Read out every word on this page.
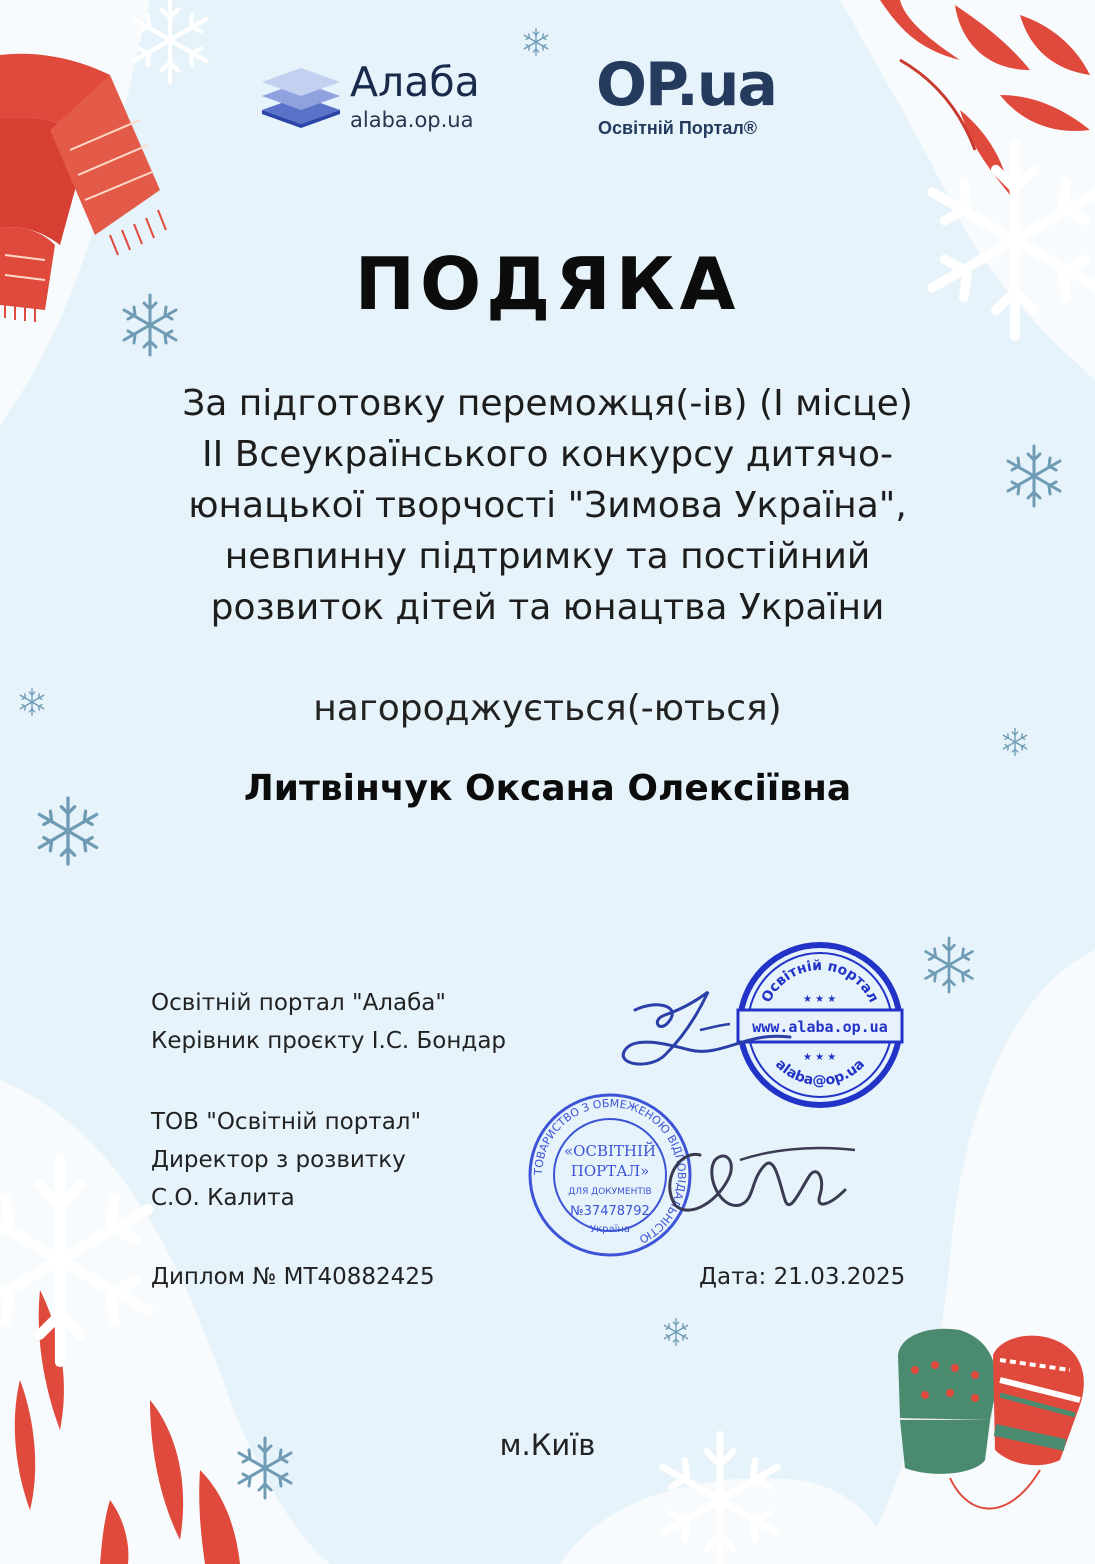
Алаба
alaba.op.ua OP.ua
Освітній Портал®
ПОДЯКА
За підготовку переможця(-ів) (І місце)
ІІ Всеукраїнського конкурсу дитячо-
юнацької творчості "Зимова Україна",
невпинну підтримку та постійний
розвиток дітей та юнацтва України
нагороджується(-ються)
Литвінчук Оксана Олексіївна
Освітній портал "Алаба"
Керівник проєкту І.С. Бондар
ТОВ "Освітній портал"
Директор з розвитку
С.О. Калита
Освітній портал
www.alaba.op.ua
alaba@op.ua
★ ★ ★
★ ★ ★
ТОВАРИСТВО З ОБМЕЖЕНОЮ ВІДПОВІДАЛЬНІСТЮ
«ОСВІТНІЙ
ПОРТАЛ»
ДЛЯ ДОКУМЕНТІВ
№37478792
Україна
Диплом № МТ40882425	Дата: 21.03.2025
м.Київ
